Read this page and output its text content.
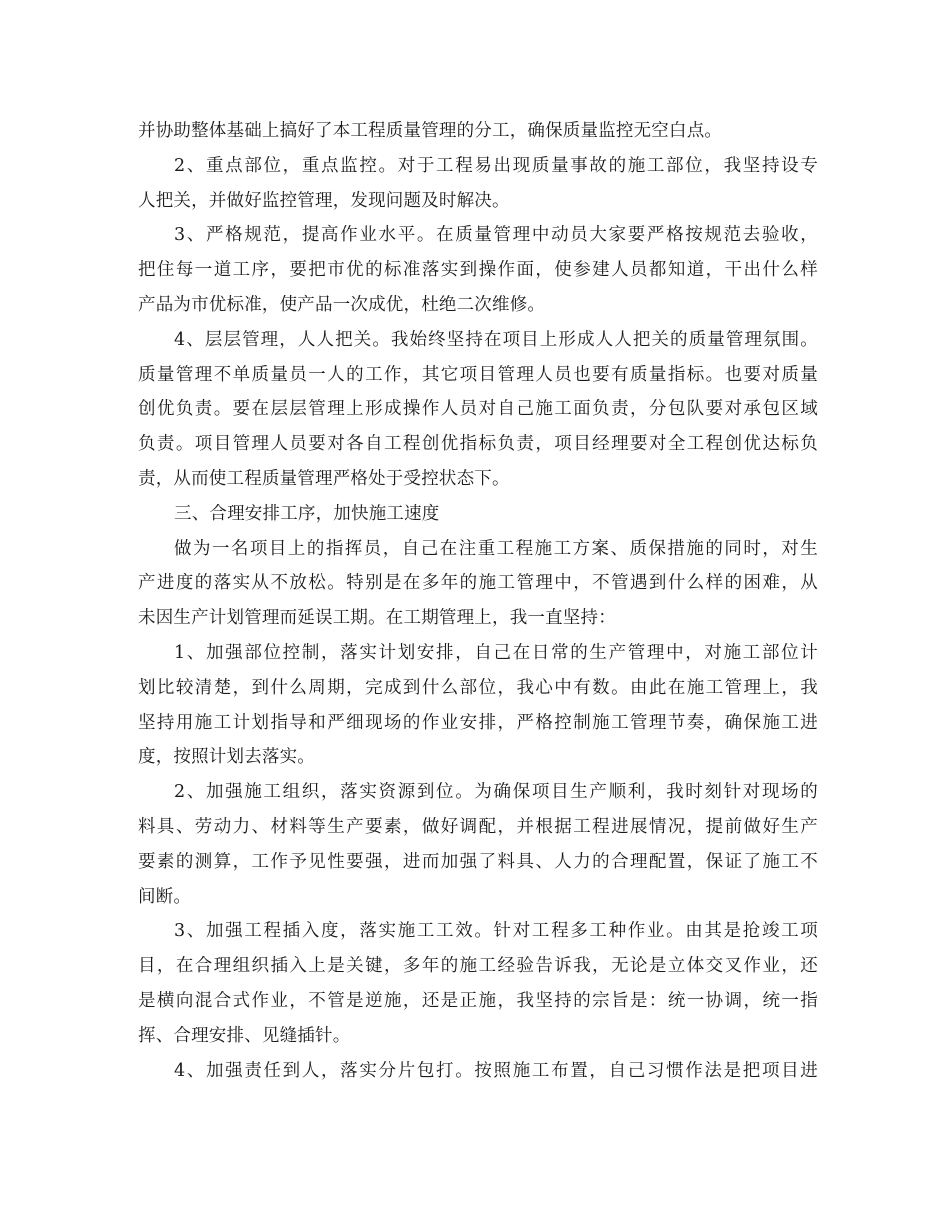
并协助整体基础上搞好了本工程质量管理的分工，确保质量监控无空白点。
2、重点部位，重点监控。对于工程易出现质量事故的施工部位，我坚持设专
人把关，并做好监控管理，发现问题及时解决。
3、严格规范，提高作业水平。在质量管理中动员大家要严格按规范去验收，
把住每一道工序，要把市优的标准落实到操作面，使参建人员都知道，干出什么样
产品为市优标准，使产品一次成优，杜绝二次维修。
4、层层管理，人人把关。我始终坚持在项目上形成人人把关的质量管理氛围。
质量管理不单质量员一人的工作，其它项目管理人员也要有质量指标。也要对质量
创优负责。要在层层管理上形成操作人员对自己施工面负责，分包队要对承包区域
负责。项目管理人员要对各自工程创优指标负责，项目经理要对全工程创优达标负
责，从而使工程质量管理严格处于受控状态下。
三、合理安排工序，加快施工速度
做为一名项目上的指挥员，自己在注重工程施工方案、质保措施的同时，对生
产进度的落实从不放松。特别是在多年的施工管理中，不管遇到什么样的困难，从
未因生产计划管理而延误工期。在工期管理上，我一直坚持：
1、加强部位控制，落实计划安排，自己在日常的生产管理中，对施工部位计
划比较清楚，到什么周期，完成到什么部位，我心中有数。由此在施工管理上，我
坚持用施工计划指导和严细现场的作业安排，严格控制施工管理节奏，确保施工进
度，按照计划去落实。
2、加强施工组织，落实资源到位。为确保项目生产顺利，我时刻针对现场的
料具、劳动力、材料等生产要素，做好调配，并根据工程进展情况，提前做好生产
要素的测算，工作予见性要强，进而加强了料具、人力的合理配置，保证了施工不
间断。
3、加强工程插入度，落实施工工效。针对工程多工种作业。由其是抢竣工项
目，在合理组织插入上是关键，多年的施工经验告诉我，无论是立体交叉作业，还
是横向混合式作业，不管是逆施，还是正施，我坚持的宗旨是：统一协调，统一指
挥、合理安排、见缝插针。
4、加强责任到人，落实分片包打。按照施工布置，自己习惯作法是把项目进
